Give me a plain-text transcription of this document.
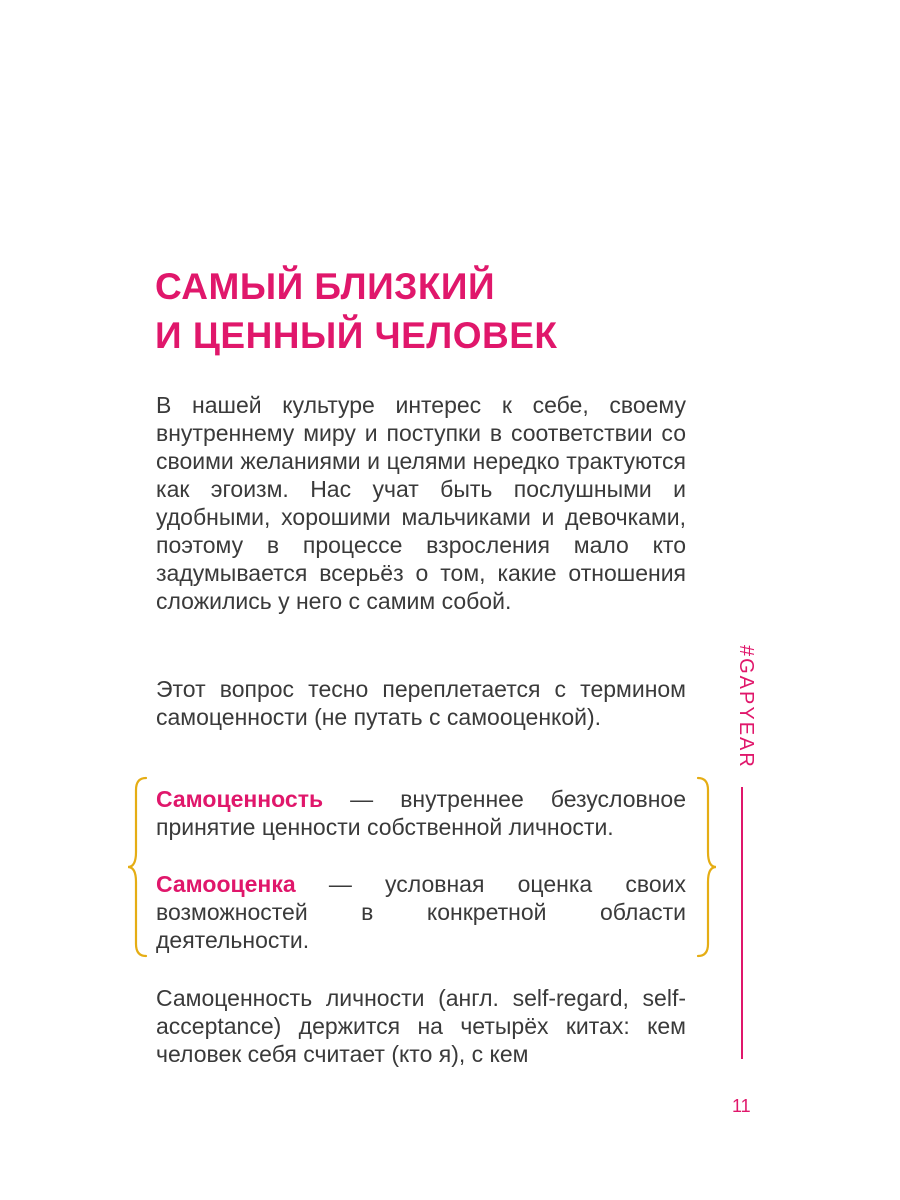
САМЫЙ БЛИЗКИЙ
И ЦЕННЫЙ ЧЕЛОВЕК

В нашей культуре интерес к себе, своему внутреннему миру и поступки в соответствии со своими желаниями и целями нередко трактуются как эгоизм. Нас учат быть послушными и удобными, хорошими мальчиками и девочками, поэтому в процессе взросления мало кто задумывается всерьёз о том, какие отношения сложились у него с самим собой.

Этот вопрос тесно переплетается с термином самоценности (не путать с самооценкой).

Самоценность — внутреннее безусловное принятие ценности собственной личности.

Самооценка — условная оценка своих возможностей в конкретной области деятельности.

Самоценность личности (англ. self-regard, self-acceptance) держится на четырёх китах: кем человек себя считает (кто я), с кем

#GAPYEAR
11
